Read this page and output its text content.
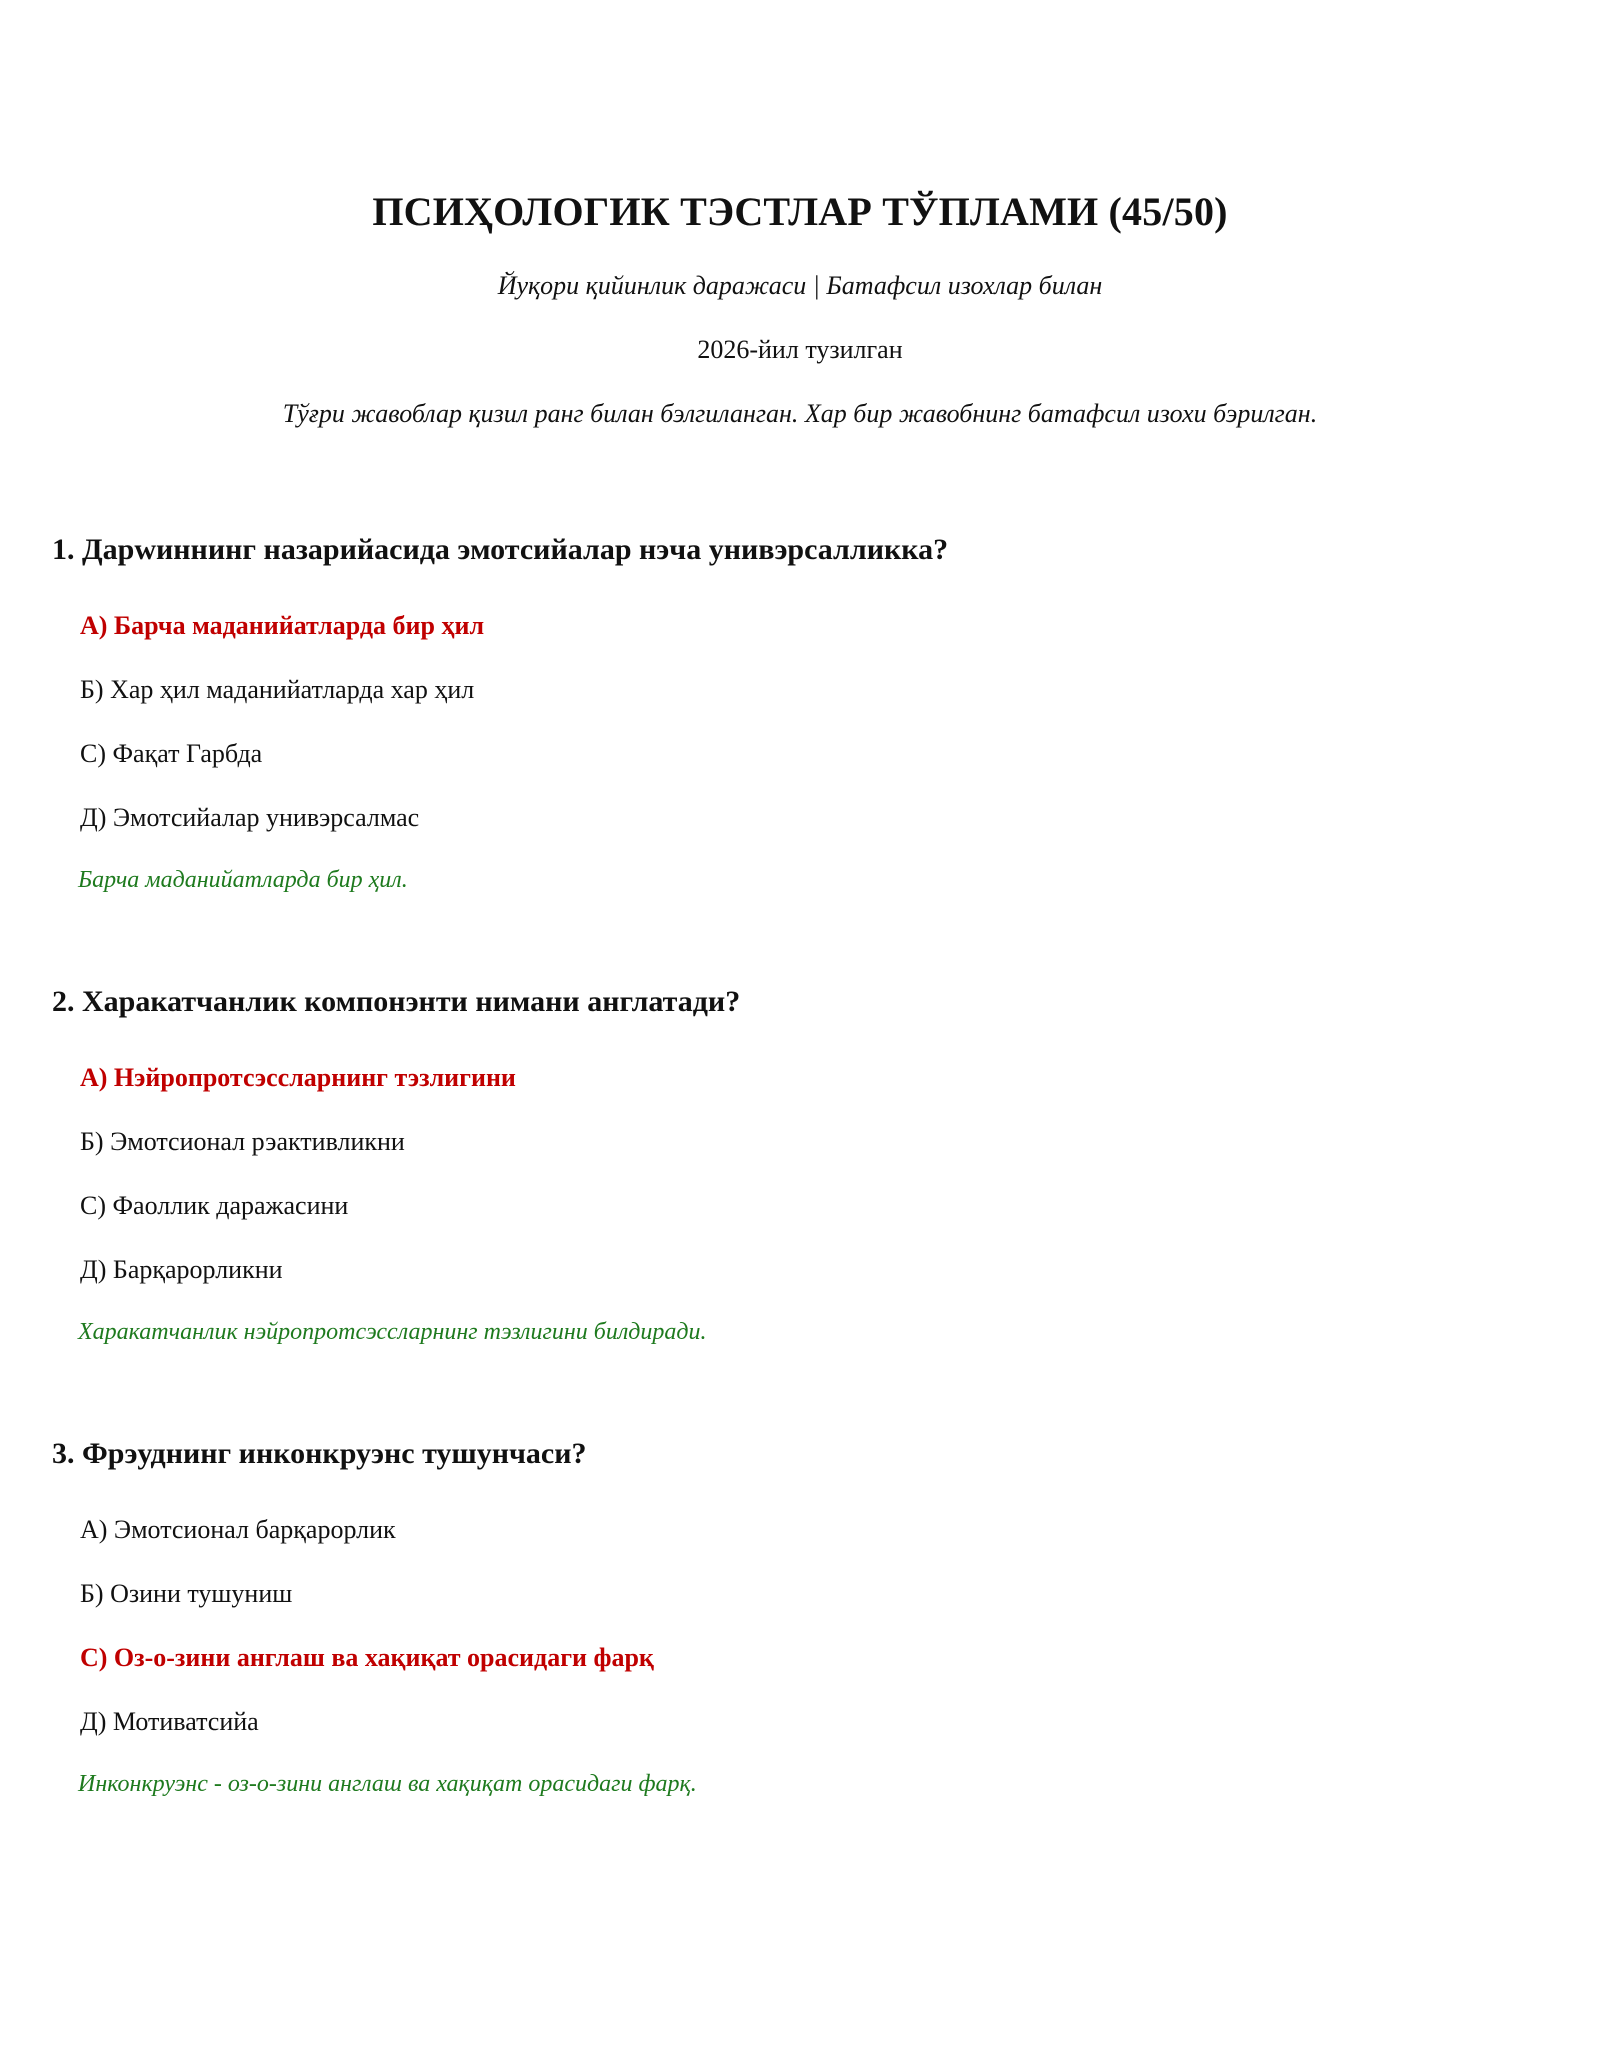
ПСИҲОЛОГИК ТЭСТЛАР ТЎПЛАМИ (45/50)
Йуқори қийинлик даражаси | Батафсил изохлар билан
2026-йил тузилган
Тўғри жавоблар қизил ранг билан бэлгиланган. Хар бир жавобнинг батафсил изохи бэрилган.
1. Дарwиннинг назарийасида эмотсийалар нэча унивэрсалликка?
А) Барча маданийатларда бир ҳил
Б) Хар ҳил маданийатларда хар ҳил
С) Фақат Гарбда
Д) Эмотсийалар унивэрсалмас
Барча маданийатларда бир ҳил.
2. Харакатчанлик компонэнти нимани англатади?
А) Нэйропротсэссларнинг тэзлигини
Б) Эмотсионал рэактивликни
С) Фаоллик даражасини
Д) Барқарорликни
Харакатчанлик нэйропротсэссларнинг тэзлигини билдиради.
3. Фрэуднинг инконкруэнс тушунчаси?
А) Эмотсионал барқарорлик
Б) Озини тушуниш
С) Оз-о-зини англаш ва хақиқат орасидаги фарқ
Д) Мотиватсийа
Инконкруэнс - оз-о-зини англаш ва хақиқат орасидаги фарқ.
